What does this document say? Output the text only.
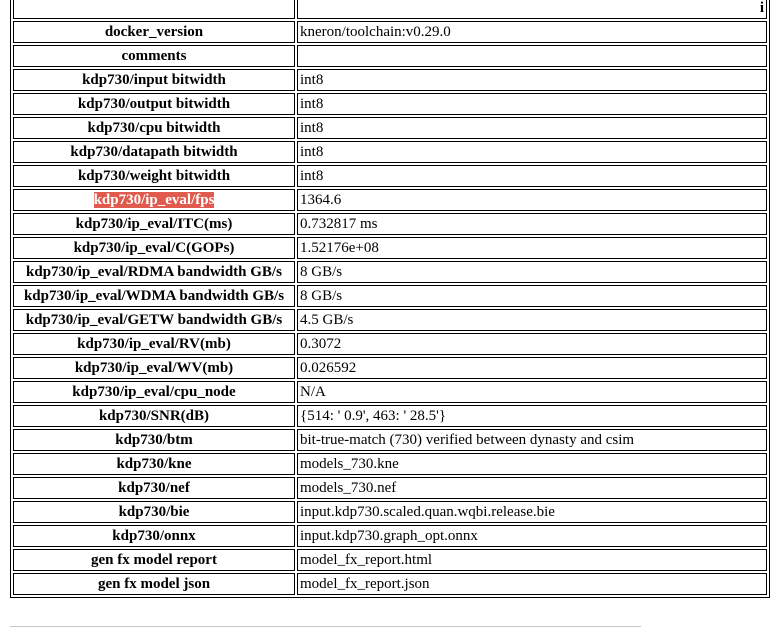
	i
docker_version	kneron/toolchain:v0.29.0
comments	
kdp730/input bitwidth	int8
kdp730/output bitwidth	int8
kdp730/cpu bitwidth	int8
kdp730/datapath bitwidth	int8
kdp730/weight bitwidth	int8
kdp730/ip_eval/fps	1364.6
kdp730/ip_eval/ITC(ms)	0.732817 ms
kdp730/ip_eval/C(GOPs)	1.52176e+08
kdp730/ip_eval/RDMA bandwidth GB/s	8 GB/s
kdp730/ip_eval/WDMA bandwidth GB/s	8 GB/s
kdp730/ip_eval/GETW bandwidth GB/s	4.5 GB/s
kdp730/ip_eval/RV(mb)	0.3072
kdp730/ip_eval/WV(mb)	0.026592
kdp730/ip_eval/cpu_node	N/A
kdp730/SNR(dB)	{514: ' 0.9', 463: ' 28.5'}
kdp730/btm	bit-true-match (730) verified between dynasty and csim
kdp730/kne	models_730.kne
kdp730/nef	models_730.nef
kdp730/bie	input.kdp730.scaled.quan.wqbi.release.bie
kdp730/onnx	input.kdp730.graph_opt.onnx
gen fx model report	model_fx_report.html
gen fx model json	model_fx_report.json
